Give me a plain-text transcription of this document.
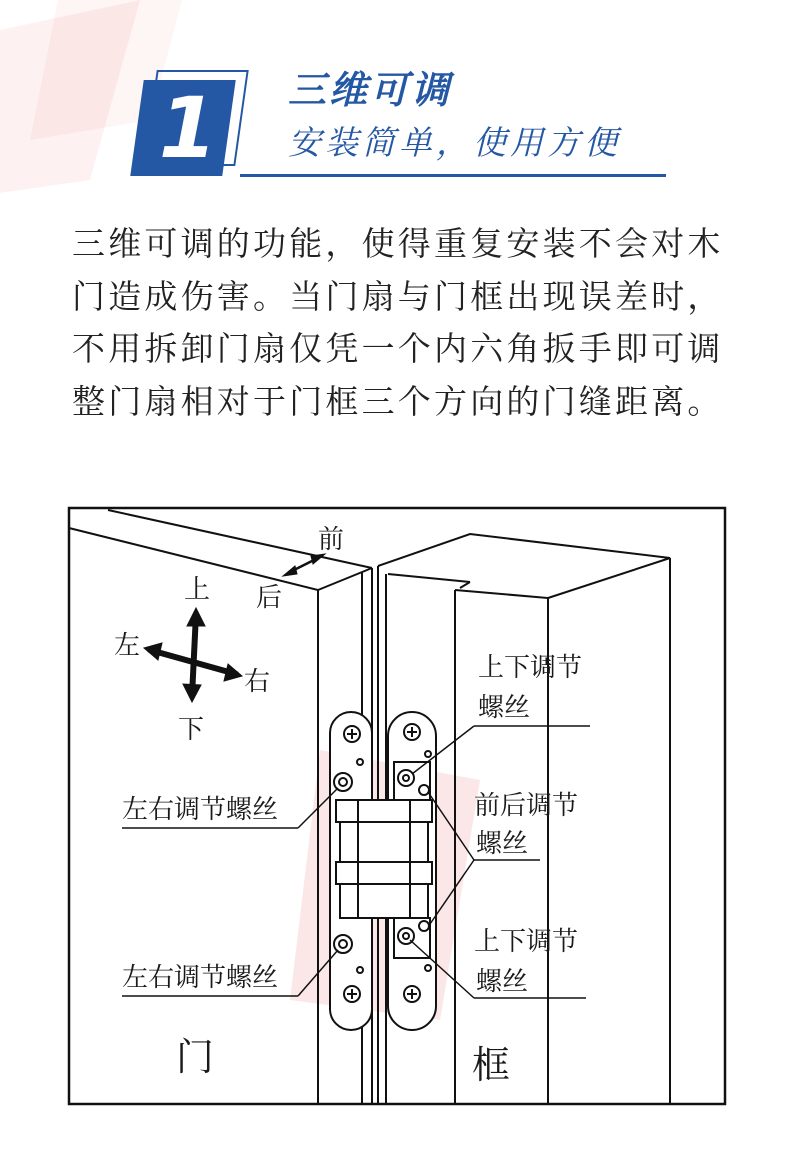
1 三维可调
安装简单，使用方便

三维可调的功能，使得重复安装不会对木门造成伤害。当门扇与门框出现误差时，不用拆卸门扇仅凭一个内六角扳手即可调整门扇相对于门框三个方向的门缝距离。

前
后
上
下
左
右
左右调节螺丝
左右调节螺丝
上下调节
螺丝
前后调节
螺丝
上下调节
螺丝
门	框
